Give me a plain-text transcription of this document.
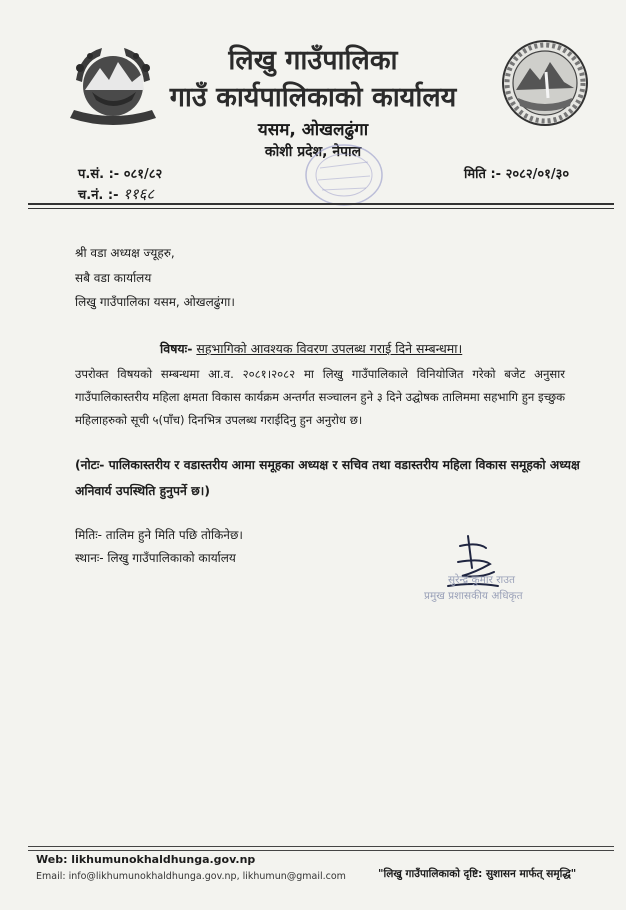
लिखु गाउँपालिका
गाउँ कार्यपालिकाको कार्यालय
यसम, ओखलढुंगा
कोशी प्रदेश, नेपाल
प.सं. :- ०८१/८२
च.नं. :- ११६८
मिति :- २०८२/०१/३०
श्री वडा अध्यक्ष ज्यूहरु,
सबै वडा कार्यालय
लिखु गाउँपालिका यसम, ओखलढुंगा।
विषयः- सहभागिको आवश्यक विवरण उपलब्ध गराई दिने सम्बन्धमा।
उपरोक्त विषयको सम्बन्धमा आ.व. २०८१।२०८२ मा लिखु गाउँपालिकाले विनियोजित गरेको बजेट अनुसार गाउँपालिकास्तरीय महिला क्षमता विकास कार्यक्रम अन्तर्गत सञ्चालन हुने ३ दिने उद्घोषक तालिममा सहभागि हुन इच्छुक महिलाहरुको सूची ५(पाँच) दिनभित्र उपलब्ध गराईदिनु हुन अनुरोध छ।
(नोटः- पालिकास्तरीय र वडास्तरीय आमा समूहका अध्यक्ष र सचिव तथा वडास्तरीय महिला विकास समूहको अध्यक्ष अनिवार्य उपस्थिति हुनुपर्ने छ।)
मितिः- तालिम हुने मिति पछि तोकिनेछ।
स्थानः- लिखु गाउँपालिकाको कार्यालय
सुरेन्द्र कुमार राउत
प्रमुख प्रशासकीय अधिकृत
Web: likhumunokhaldhunga.gov.np
Email: info@likhumunokhaldhunga.gov.np, likhumun@gmail.com	"लिखु गाउँपालिकाको दृष्टि: सुशासन मार्फत् समृद्धि"
